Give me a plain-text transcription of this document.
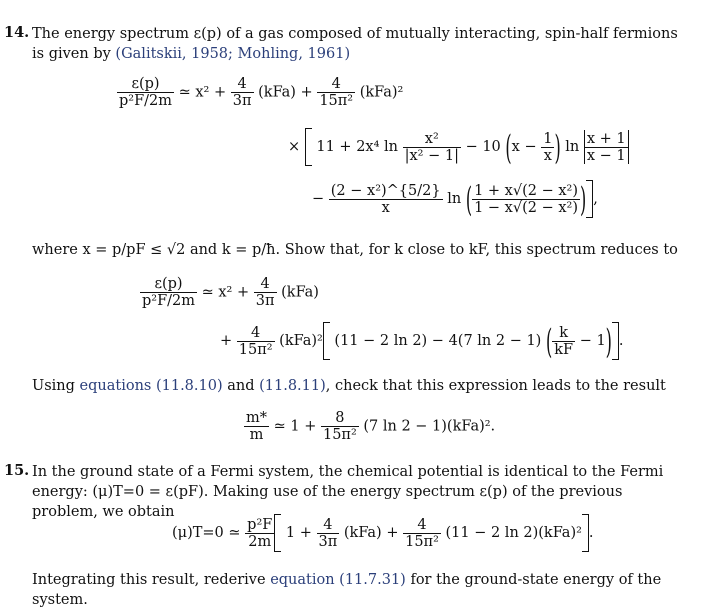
14. The energy spectrum ε(p) of a gas composed of mutually interacting, spin-half fermions is given by (Galitskii, 1958; Mohling, 1961)
$\frac{\varepsilon(p)}{\text{p²F/2m}}$ ≃ $x^2 + \frac{4}{3\pi} (kFa) + \frac{4}{\text{15π²}} (kFa)^2$
×  11 + 2x⁴ $\ln \frac{\text{x²}}{\text{|x² − 1|}} - 10$ ($x - \frac{1}{x}$ ) $\ln \frac{x + 1}{x - 1}$
− $\frac{\text{(2 − x²)\textasciicircum{}\{5/2\}}}{x}$ ln ( $\frac{\text{1 + x√(2 − x²)}}{\text{1 − x√(2 − x²)}}$ ) ,
where x = p/pF ≤ √2 and k = p/ħ. Show that, for k close to kF, this spectrum reduces to
$\frac{\varepsilon(p)}{\text{p²F/2m}}$ ≃ $x^2 + \frac{4}{3\pi} (kFa)$
+ $\frac{4}{\text{15π²}} (kFa)^2$ (11 − 2 ln 2) − 4(7 ln 2 − 1) ( $\frac{k}{kF} - 1$) .
Using equations (11.8.10) and (11.8.11), check that this expression leads to the result
$\frac{m*}{m}$ ≃ $1 + \frac{8}{\text{15π²}} (7$ ln 2 − 1)(kFa)².
15. In the ground state of a Fermi system, the chemical potential is identical to the Fermi energy: (μ)T=0 = ε(pF). Making use of the energy spectrum ε(p) of the previous problem, we obtain
(μ)T=0 ≃ $\frac{\text{p²F}}{2m} 1 + \frac{4}{3\pi} (kFa) + \frac{4}{\text{15π²}} (11 - 2$ ln 2)(kFa)² .
Integrating this result, rederive equation (11.7.31) for the ground-state energy of the system.
